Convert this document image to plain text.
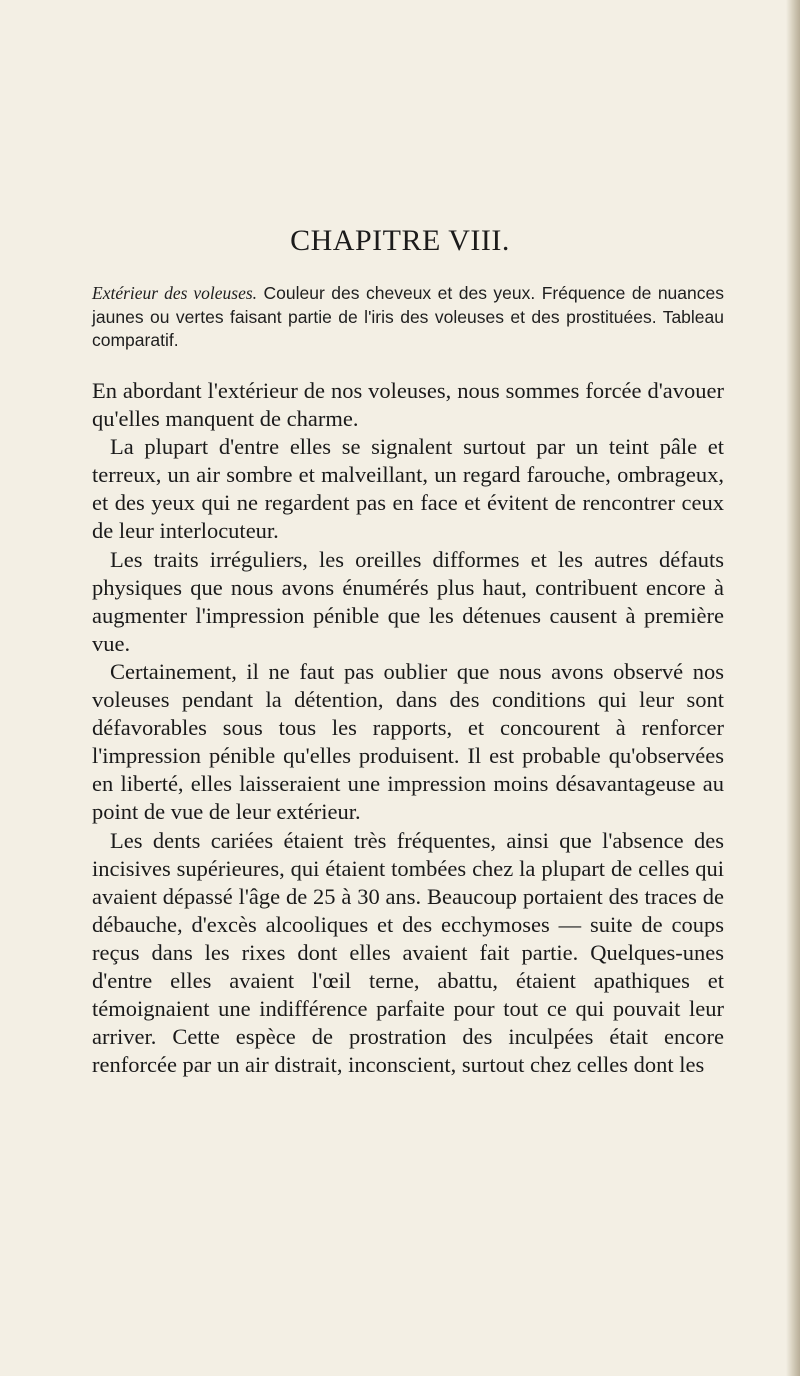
CHAPITRE VIII.
Extérieur des voleuses. Couleur des cheveux et des yeux. Fréquence de nuances jaunes ou vertes faisant partie de l'iris des voleuses et des prostituées. Tableau comparatif.

En abordant l'extérieur de nos voleuses, nous sommes forcée d'avouer qu'elles manquent de charme.

La plupart d'entre elles se signalent surtout par un teint pâle et terreux, un air sombre et malveillant, un regard farouche, ombrageux, et des yeux qui ne regardent pas en face et évitent de rencontrer ceux de leur interlocuteur.

Les traits irréguliers, les oreilles difformes et les autres défauts physiques que nous avons énumérés plus haut, contribuent encore à augmenter l'impression pénible que les détenues causent à première vue.

Certainement, il ne faut pas oublier que nous avons observé nos voleuses pendant la détention, dans des conditions qui leur sont défavorables sous tous les rapports, et concourent à renforcer l'impression pénible qu'elles produisent. Il est probable qu'observées en liberté, elles laisseraient une impression moins désavantageuse au point de vue de leur extérieur.

Les dents cariées étaient très fréquentes, ainsi que l'absence des incisives supérieures, qui étaient tombées chez la plupart de celles qui avaient dépassé l'âge de 25 à 30 ans. Beaucoup portaient des traces de débauche, d'excès alcooliques et des ecchymoses — suite de coups reçus dans les rixes dont elles avaient fait partie. Quelques-unes d'entre elles avaient l'œil terne, abattu, étaient apathiques et témoignaient une indifférence parfaite pour tout ce qui pouvait leur arriver. Cette espèce de prostration des inculpées était encore renforcée par un air distrait, inconscient, surtout chez celles dont les
